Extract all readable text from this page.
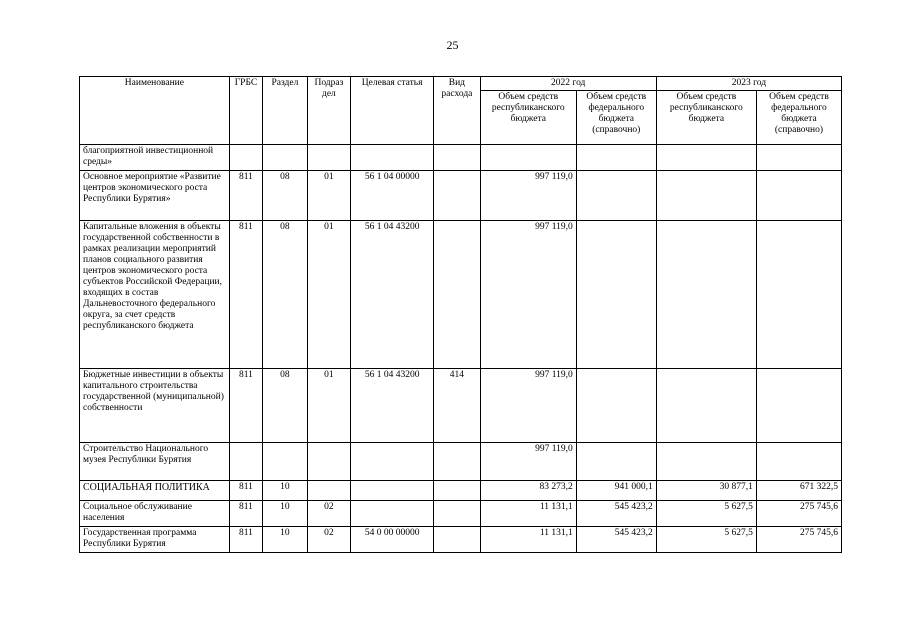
25
Наименование	ГРБС	Раздел	Подраз дел	Целевая статья	Вид расхода	2022 год		2023 год	
						Объем средств республиканского бюджета	Объем средств федерального бюджета (справочно)	Объем средств республиканского бюджета	Объем средств федерального бюджета (справочно)
благоприятной инвестиционной среды»									
Основное мероприятие «Развитие центров экономического роста Республики Бурятия»	811	08	01	56 1 04 00000		997 119,0			
Капитальные вложения в объекты государственной собственности в рамках реализации мероприятий планов социального развития центров экономического роста субъектов Российской Федерации, входящих в состав Дальневосточного федерального округа, за счет средств республиканского бюджета	811	08	01	56 1 04 43200		997 119,0			
Бюджетные инвестиции в объекты капитального строительства государственной (муниципальной) собственности	811	08	01	56 1 04 43200	414	997 119,0			
Строительство Национального музея Республики Бурятия						997 119,0			
СОЦИАЛЬНАЯ ПОЛИТИКА	811	10				83 273,2	941 000,1	30 877,1	671 322,5
Социальное обслуживание населения	811	10	02			11 131,1	545 423,2	5 627,5	275 745,6
Государственная программа Республики Бурятия	811	10	02	54 0 00 00000		11 131,1	545 423,2	5 627,5	275 745,6
